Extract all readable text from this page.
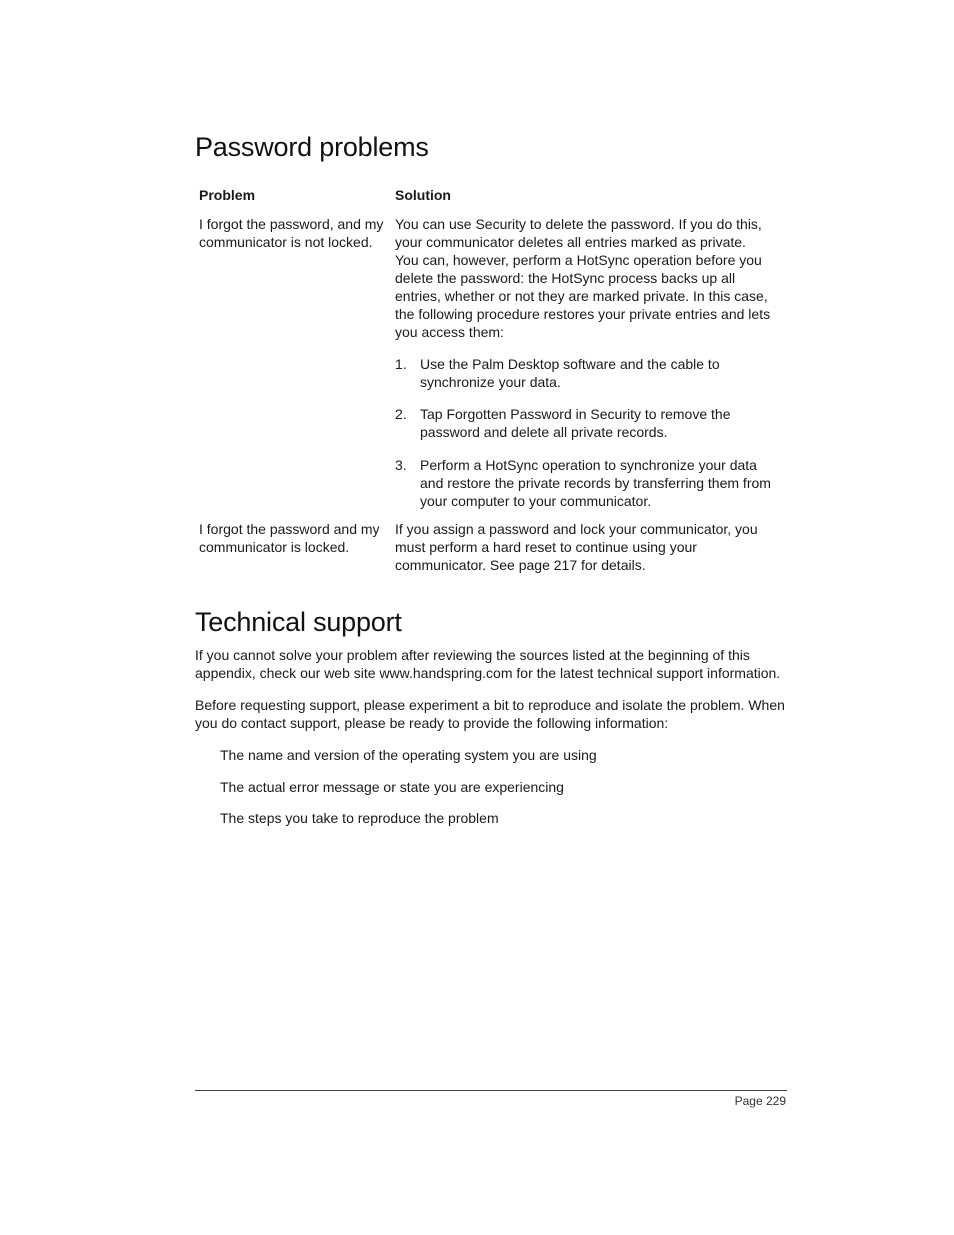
Password problems
Problem	Solution
I forgot the password, and my communicator is not locked.
You can use Security to delete the password. If you do this, your communicator deletes all entries marked as private. You can, however, perform a HotSync operation before you delete the password: the HotSync process backs up all entries, whether or not they are marked private. In this case, the following procedure restores your private entries and lets you access them:
1. Use the Palm Desktop software and the cable to synchronize your data.
2. Tap Forgotten Password in Security to remove the password and delete all private records.
3. Perform a HotSync operation to synchronize your data and restore the private records by transferring them from your computer to your communicator.
I forgot the password and my communicator is locked.
If you assign a password and lock your communicator, you must perform a hard reset to continue using your communicator. See page 217 for details.
Technical support
If you cannot solve your problem after reviewing the sources listed at the beginning of this appendix, check our web site www.handspring.com for the latest technical support information.
Before requesting support, please experiment a bit to reproduce and isolate the problem. When you do contact support, please be ready to provide the following information:
The name and version of the operating system you are using
The actual error message or state you are experiencing
The steps you take to reproduce the problem
Page 229
